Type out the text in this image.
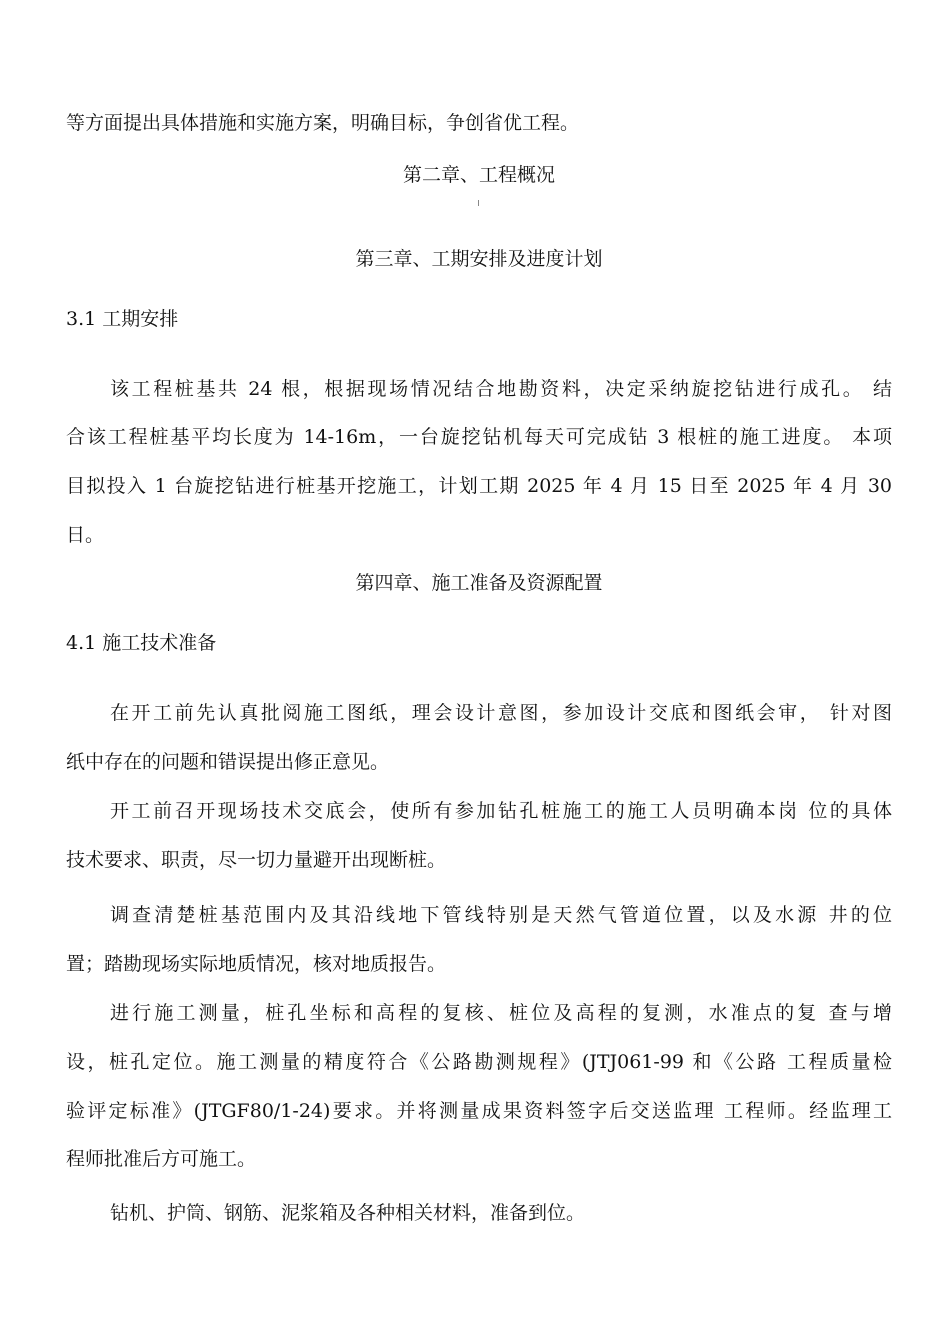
等方面提出具体措施和实施方案，明确目标，争创省优工程。
第二章、工程概况
第三章、工期安排及进度计划
3.1 工期安排
该工程桩基共 24 根，根据现场情况结合地勘资料，决定采纳旋挖钻进行成孔。 结
合该工程桩基平均长度为 14-16m，一台旋挖钻机每天可完成钻 3 根桩的施工进度。 本项
目拟投入 1 台旋挖钻进行桩基开挖施工，计划工期 2025 年 4 月 15 日至 2025 年 4 月 30
日。
第四章、施工准备及资源配置
4.1 施工技术准备
在开工前先认真批阅施工图纸，理会设计意图，参加设计交底和图纸会审， 针对图
纸中存在的问题和错误提出修正意见。
开工前召开现场技术交底会，使所有参加钻孔桩施工的施工人员明确本岗 位的具体
技术要求、职责，尽一切力量避开出现断桩。
调查清楚桩基范围内及其沿线地下管线特别是天然气管道位置，以及水源 井的位
置；踏勘现场实际地质情况，核对地质报告。
进行施工测量，桩孔坐标和高程的复核、桩位及高程的复测，水准点的复 查与增
设，桩孔定位。施工测量的精度符合《公路勘测规程》(JTJ061-99 和《公路 工程质量检
验评定标准》(JTGF80/1-24)要求。并将测量成果资料签字后交送监理 工程师。经监理工
程师批准后方可施工。
钻机、护筒、钢筋、泥浆箱及各种相关材料，准备到位。
